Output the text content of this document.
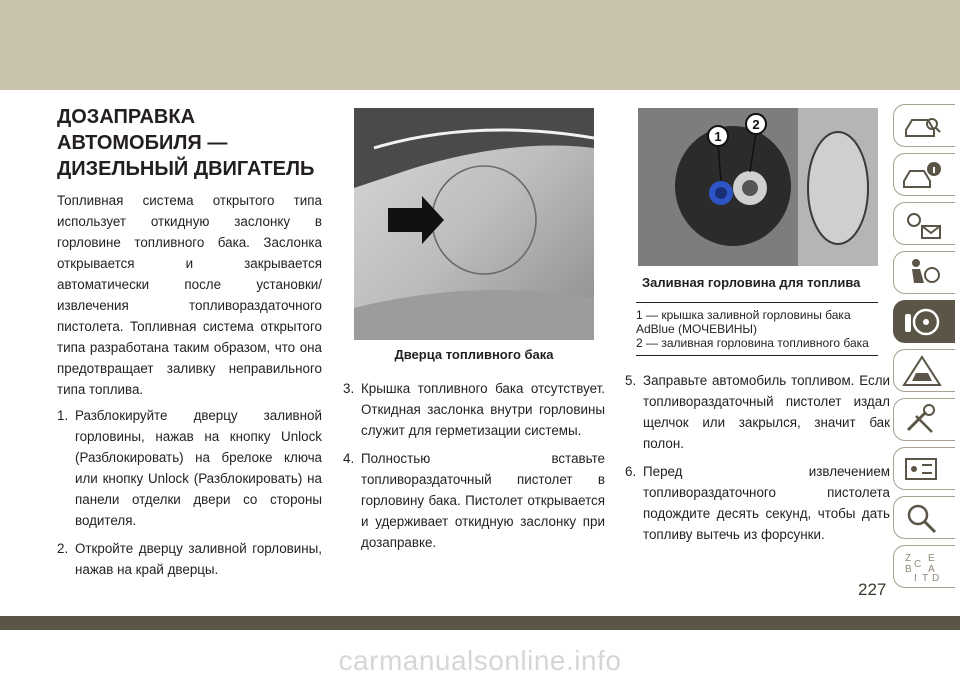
ДОЗАПРАВКА
АВТОМОБИЛЯ —
ДИЗЕЛЬНЫЙ ДВИГАТЕЛЬ

Топливная система открытого типа использует откидную заслонку в горловине топливного бака. Заслонка открывается и закрывается автоматически после установки/извлечения топливораздаточного пистолета. Топливная система открытого типа разработана таким образом, что она предотвращает заливку неправильного типа топлива.

1. Разблокируйте дверцу заливной горловины, нажав на кнопку Unlock (Разблокировать) на брелоке ключа или кнопку Unlock (Разблокировать) на панели отделки двери со стороны водителя.
2. Откройте дверцу заливной горловины, нажав на край дверцы.
Дверца топливного бака
3. Крышка топливного бака отсутствует. Откидная заслонка внутри горловины служит для герметизации системы.
4. Полностью вставьте топливораздаточный пистолет в горловину бака. Пистолет открывается и удерживает откидную заслонку при дозаправке.
1
2
Заливная горловина для топлива
1 — крышка заливной горловины бака AdBlue (МОЧЕВИНЫ)
2 — заливная горловина топливного бака
5. Заправьте автомобиль топливом. Если топливораздаточный пистолет издал щелчок или закрылся, значит бак полон.
6. Перед извлечением топливораздаточного пистолета подождите десять секунд, чтобы дать топливу вытечь из форсунки.
Z E
B A
C
D
I T
227
carmanualsonline.info
